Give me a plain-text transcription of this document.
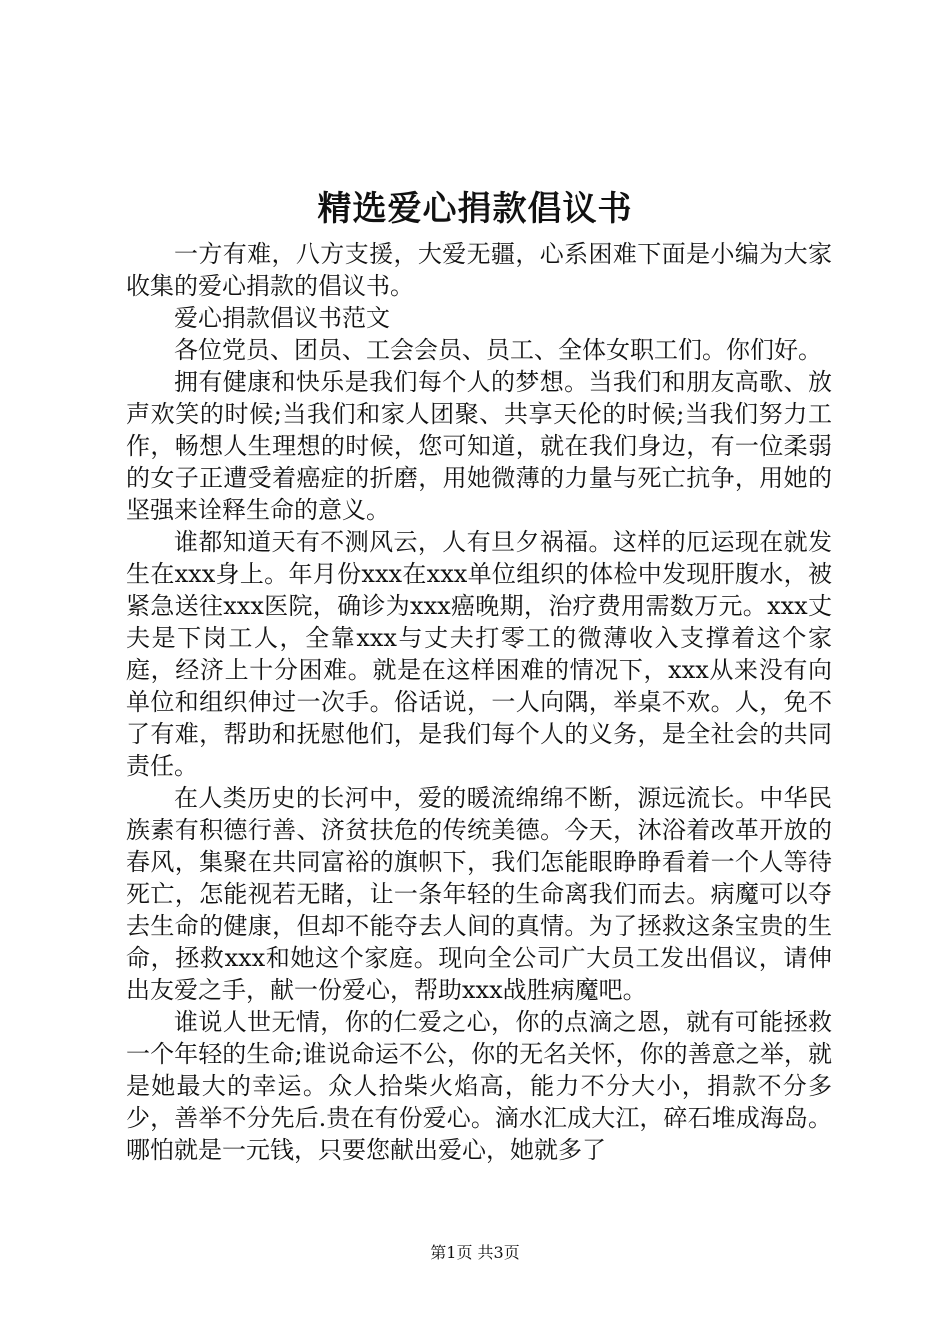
精选爱心捐款倡议书

一方有难，八方支援，大爱无疆，心系困难下面是小编为大家收集的爱心捐款的倡议书。

爱心捐款倡议书范文

各位党员、团员、工会会员、员工、全体女职工们。你们好。

拥有健康和快乐是我们每个人的梦想。当我们和朋友高歌、放声欢笑的时候;当我们和家人团聚、共享天伦的时候;当我们努力工作，畅想人生理想的时候，您可知道，就在我们身边，有一位柔弱的女子正遭受着癌症的折磨，用她微薄的力量与死亡抗争，用她的坚强来诠释生命的意义。

谁都知道天有不测风云，人有旦夕祸福。这样的厄运现在就发生在xxx身上。年月份xxx在xxx单位组织的体检中发现肝腹水，被紧急送往xxx医院，确诊为xxx癌晚期，治疗费用需数万元。xxx丈夫是下岗工人，全靠xxx与丈夫打零工的微薄收入支撑着这个家庭，经济上十分困难。就是在这样困难的情况下，xxx从来没有向单位和组织伸过一次手。俗话说，一人向隅，举桌不欢。人，免不了有难，帮助和抚慰他们，是我们每个人的义务，是全社会的共同责任。

在人类历史的长河中，爱的暖流绵绵不断，源远流长。中华民族素有积德行善、济贫扶危的传统美德。今天，沐浴着改革开放的春风，集聚在共同富裕的旗帜下，我们怎能眼睁睁看着一个人等待死亡，怎能视若无睹，让一条年轻的生命离我们而去。病魔可以夺去生命的健康，但却不能夺去人间的真情。为了拯救这条宝贵的生命，拯救xxx和她这个家庭。现向全公司广大员工发出倡议，请伸出友爱之手，献一份爱心，帮助xxx战胜病魔吧。

谁说人世无情，你的仁爱之心，你的点滴之恩，就有可能拯救一个年轻的生命;谁说命运不公，你的无名关怀，你的善意之举，就是她最大的幸运。众人拾柴火焰高，能力不分大小，捐款不分多少，善举不分先后.贵在有份爱心。滴水汇成大江，碎石堆成海岛。哪怕就是一元钱，只要您献出爱心，她就多了

第1页 共3页
